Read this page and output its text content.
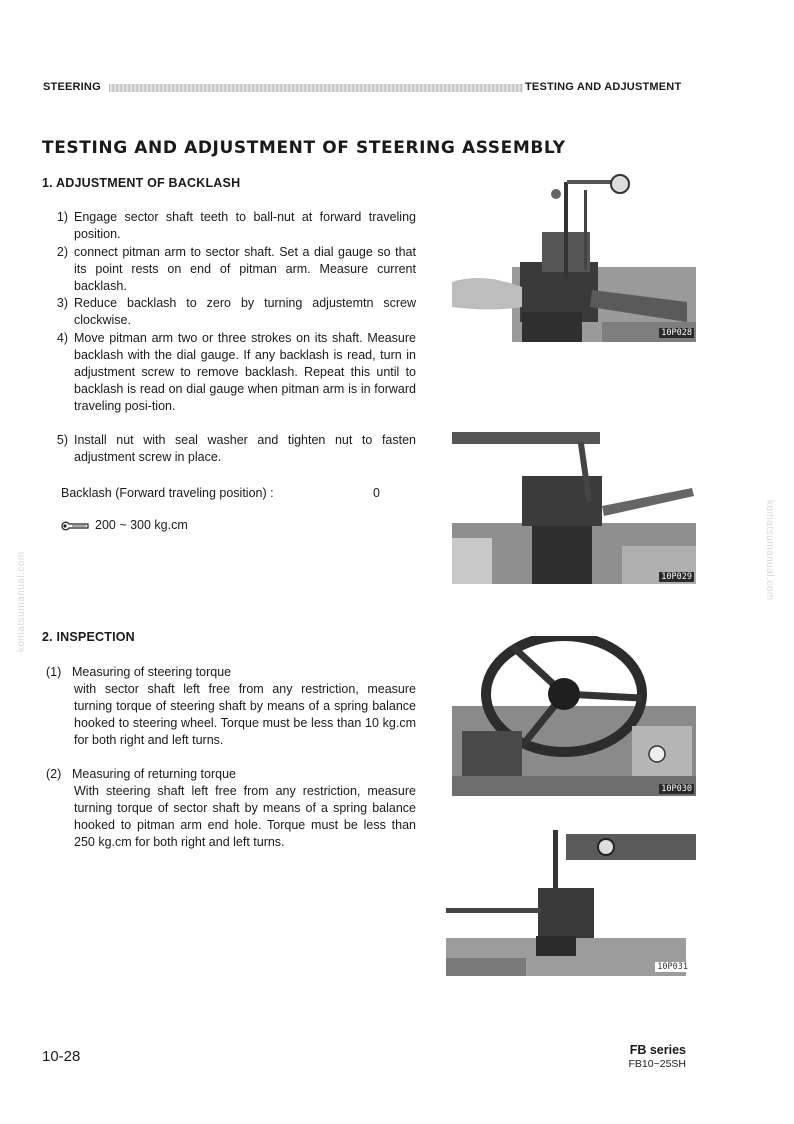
STEERING	TESTING AND ADJUSTMENT
TESTING AND ADJUSTMENT OF STEERING ASSEMBLY
1. ADJUSTMENT OF BACKLASH
1) Engage sector shaft teeth to ball-nut at forward traveling position.
2) connect pitman arm to sector shaft. Set a dial gauge so that its point rests on end of pitman arm. Measure current backlash.
3) Reduce backlash to zero by turning adjustemtn screw clockwise.
4) Move pitman arm two or three strokes on its shaft. Measure backlash with the dial gauge. If any backlash is read, turn in adjustment screw to remove backlash. Repeat this until to backlash is read on dial gauge when pitman arm is in forward traveling posi-tion.
5) Install nut with seal washer and tighten nut to fasten adjustment screw in place.
Backlash (Forward traveling position) :	0
200 ~ 300 kg.cm
2. INSPECTION
(1) Measuring of steering torque
with sector shaft left free from any restriction, measure turning torque of steering shaft by means of a spring balance hooked to steering wheel. Torque must be less than 10 kg.cm for both right and left turns.
(2) Measuring of returning torque
With steering shaft left free from any restriction, measure turning torque of sector shaft by means of a spring balance hooked to pitman arm end hole. Torque must be less than 250 kg.cm for both right and left turns.
10P028
10P029
10P030
10P031
komatsumanual.com
komatsumanual.com
10-28	FB series
FB10~25SH
